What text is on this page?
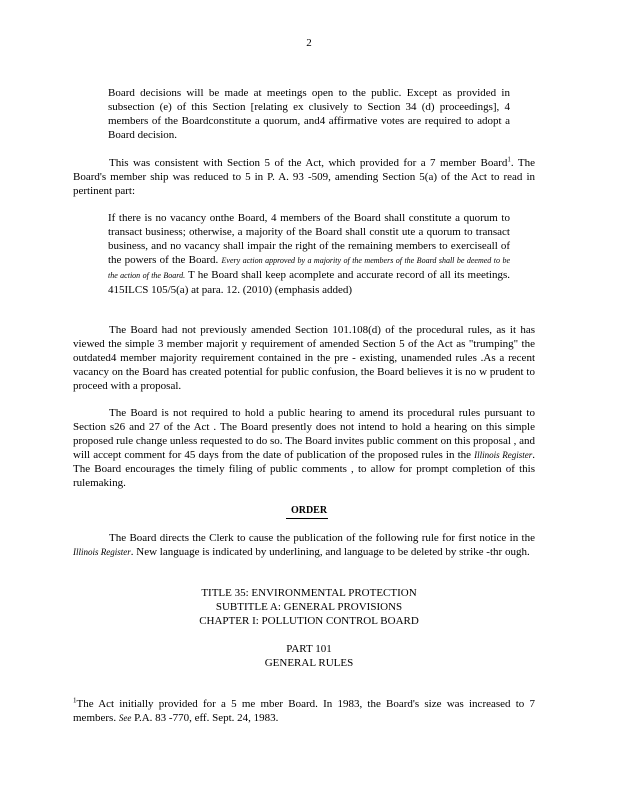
2

Board decisions will be made at meetings open to the public. Except as provided in subsection (e) of this Section [relating ex clusively to Section 34 (d) proceedings], 4 members of the Boardconstitute a quorum, and4 affirmative votes are required to adopt a Board decision.

This was consistent with Section 5 of the Act, which provided for a 7 member Board$^1$. The Board's member ship was reduced to 5 in P. A. 93 -509, amending Section 5(a) of the Act to read in pertinent part:

If there is no vacancy onthe Board, 4 members of the Board shall constitute a quorum to transact business; otherwise, a majority of the Board shall constit ute a quorum to transact business, and no vacancy shall impair the right of the remaining members to exerciseall of the powers of the Board. Every action approved by a majority of the members of the Board shall be deemed to be the action of the Board. T he Board shall keep acomplete and accurate record of all its meetings. 415ILCS 105/5(a) at para. 12. (2010) (emphasis added)

The Board had not previously amended Section 101.108(d) of the procedural rules, as it has viewed the simple 3 member majorit y requirement of amended Section 5 of the Act as "trumping" the outdated4 member majority requirement contained in the pre - existing, unamended rules .As a recent vacancy on the Board has created potential for public confusion, the Board believes it is no w prudent to proceed with a proposal.

The Board is not required to hold a public hearing to amend its procedural rules pursuant to Section s26 and 27 of the Act . The Board presently does not intend to hold a hearing on this simple proposed rule change unless requested to do so. The Board invites public comment on this proposal , and will accept comment for 45 days from the date of publication of the proposed rules in the Illinois Register. The Board encourages the timely filing of public comments , to allow for prompt completion of this rulemaking.

ORDER

The Board directs the Clerk to cause the publication of the following rule for first notice in the Illinois Register. New language is indicated by underlining, and language to be deleted by strike -thr ough.

TITLE 35: ENVIRONMENTAL PROTECTION
SUBTITLE A: GENERAL PROVISIONS
CHAPTER I: POLLUTION CONTROL BOARD
PART 101
GENERAL RULES

$^1$The Act initially provided for a 5 me mber Board. In 1983, the Board's size was increased to 7 members. See P.A. 83 -770, eff. Sept. 24, 1983.
